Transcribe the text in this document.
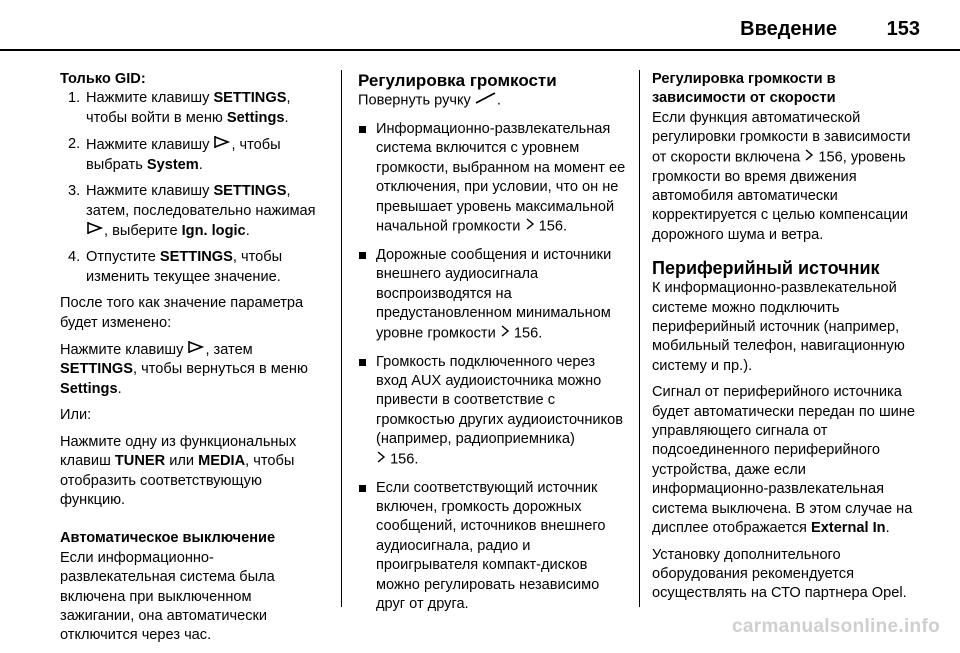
Введение 153

Только GID:

1. Нажмите клавишу SETTINGS, чтобы войти в меню Settings.
2. Нажмите клавишу , чтобы выбрать System.
3. Нажмите клавишу SETTINGS, затем, последовательно нажимая , выберите Ign. logic.
4. Отпустите SETTINGS, чтобы изменить текущее значение.

После того как значение параметра будет изменено:

Нажмите клавишу , затем
SETTINGS, чтобы вернуться в меню Settings.

Или:

Нажмите одну из функциональных клавиш TUNER или MEDIA, чтобы отобразить соответствующую функцию.

Автоматическое выключение

Если информационно-развлекательная система была включена при выключенном зажигании, она автоматически отключится через час.

Регулировка громкости

Повернуть ручку .

Информационно-развлекательная система включится с уровнем громкости, выбранном на момент ее отключения, при условии, что он не превышает уровень максимальной начальной громкости  156.
Дорожные сообщения и источники внешнего аудиосигнала воспроизводятся на предустановленном минимальном уровне громкости  156.
Громкость подключенного через вход AUX аудиоисточника можно привести в соответствие с громкостью других аудиоисточников (например, радиоприемника)
156.
Если соответствующий источник включен, громкость дорожных сообщений, источников внешнего аудиосигнала, радио и проигрывателя компакт-дисков можно регулировать независимо друг от друга.

Регулировка громкости в зависимости от скорости

Если функция автоматической регулировки громкости в зависимости от скорости включена  156, уровень громкости во время движения автомобиля автоматически корректируется с целью компенсации дорожного шума и ветра.

Периферийный источник

К информационно-развлекательной системе можно подключить периферийный источник (например, мобильный телефон, навигационную систему и пр.).

Сигнал от периферийного источника будет автоматически передан по шине управляющего сигнала от подсоединенного периферийного устройства, даже если информационно-развлекательная система выключена. В этом случае на дисплее отображается External In.

Установку дополнительного оборудования рекомендуется осуществлять на СТО партнера Opel.

carmanualsonline.info
